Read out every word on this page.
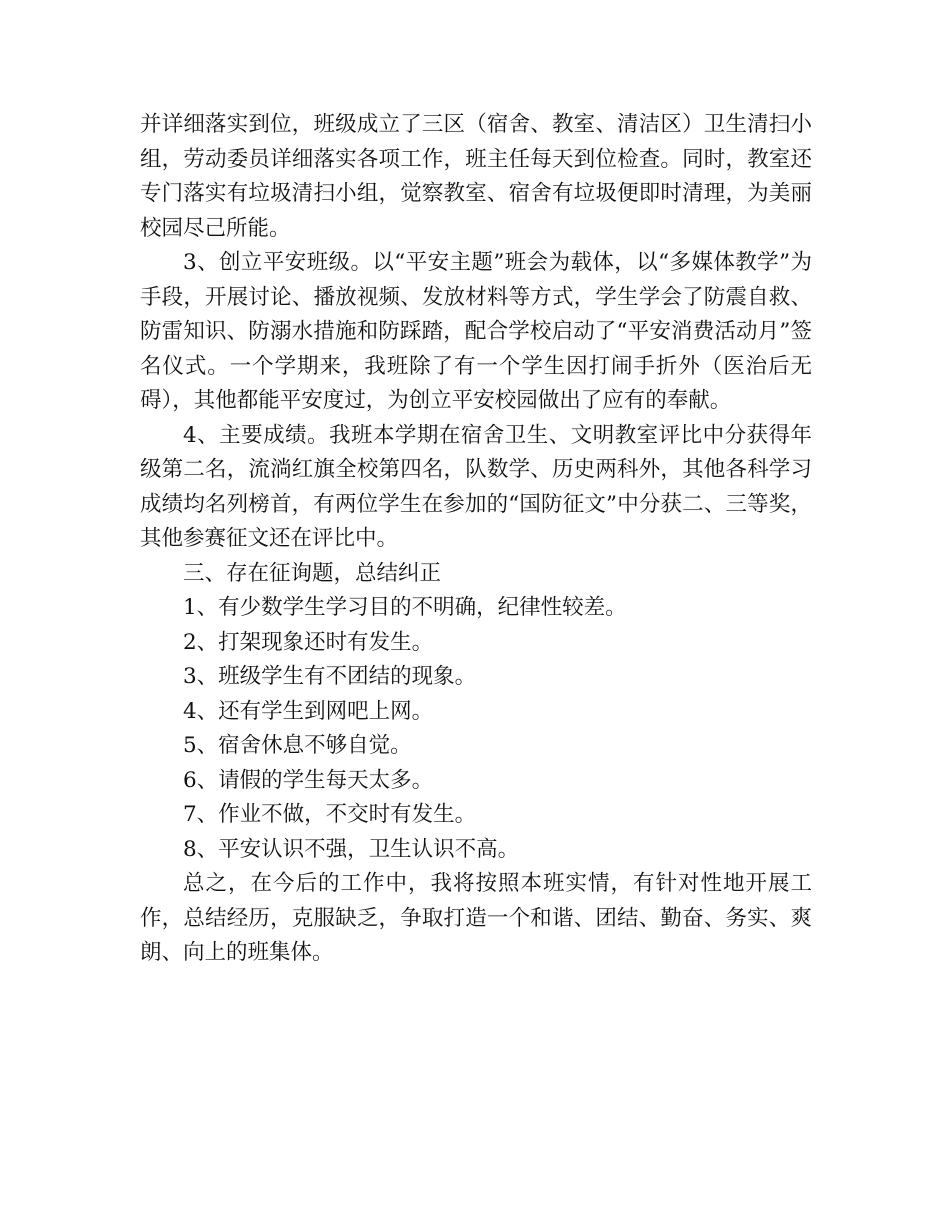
并详细落实到位，班级成立了三区（宿舍、教室、清洁区）卫生清扫小组，劳动委员详细落实各项工作，班主任每天到位检查。同时，教室还专门落实有垃圾清扫小组，觉察教室、宿舍有垃圾便即时清理，为美丽校园尽己所能。

3、创立平安班级。以“平安主题”班会为载体，以“多媒体教学”为手段，开展讨论、播放视频、发放材料等方式，学生学会了防震自救、防雷知识、防溺水措施和防踩踏，配合学校启动了“平安消费活动月”签名仪式。一个学期来，我班除了有一个学生因打闹手折外（医治后无碍），其他都能平安度过，为创立平安校园做出了应有的奉献。

4、主要成绩。我班本学期在宿舍卫生、文明教室评比中分获得年级第二名，流淌红旗全校第四名，队数学、历史两科外，其他各科学习成绩均名列榜首，有两位学生在参加的“国防征文”中分获二、三等奖，其他参赛征文还在评比中。

三、存在征询题，总结纠正

1、有少数学生学习目的不明确，纪律性较差。

2、打架现象还时有发生。

3、班级学生有不团结的现象。

4、还有学生到网吧上网。

5、宿舍休息不够自觉。

6、请假的学生每天太多。

7、作业不做，不交时有发生。

8、平安认识不强，卫生认识不高。

总之，在今后的工作中，我将按照本班实情，有针对性地开展工作，总结经历，克服缺乏，争取打造一个和谐、团结、勤奋、务实、爽朗、向上的班集体。
